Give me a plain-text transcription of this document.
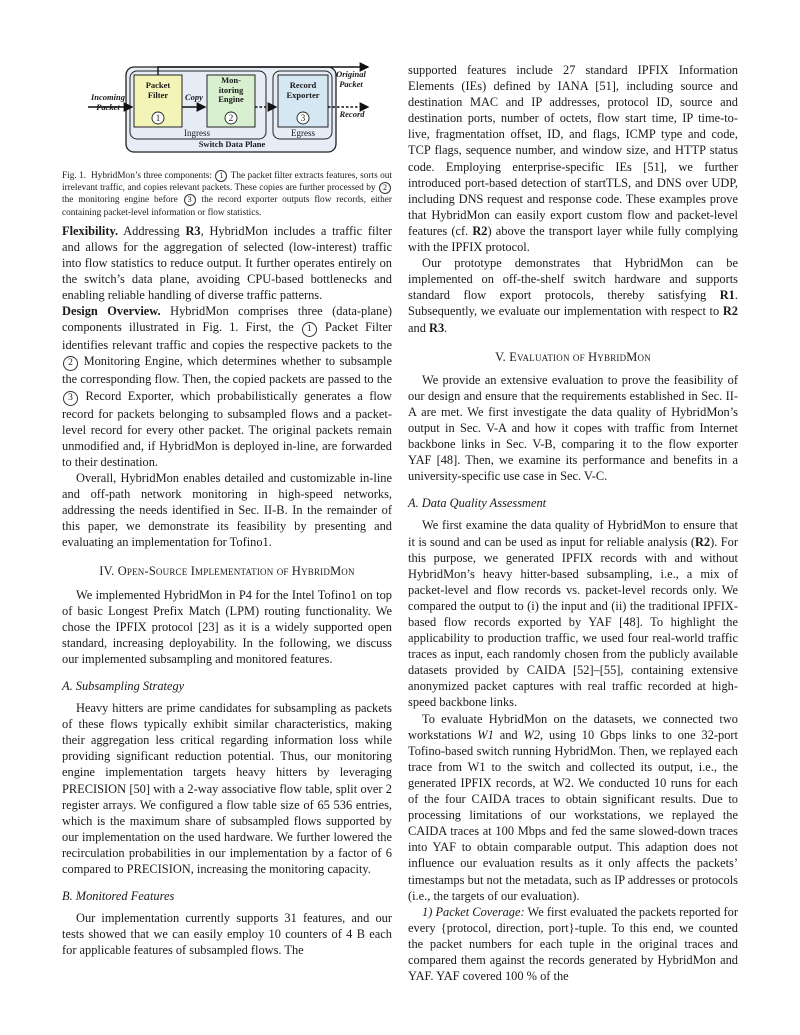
Incoming Packet
Original Packet
Record
Copy
Packet Filter
Mon- itoring Engine
Record Exporter
1	2	3
Ingress	Egress
Switch Data Plane

Fig. 1. HybridMon’s three components: 1 The packet filter extracts features, sorts out irrelevant traffic, and copies relevant packets. These copies are further processed by 2 the monitoring engine before 3 the record exporter outputs flow records, either containing packet-level information or flow statistics.

Flexibility. Addressing R3, HybridMon includes a traffic filter and allows for the aggregation of selected (low-interest) traffic into flow statistics to reduce output. It further operates entirely on the switch’s data plane, avoiding CPU-based bottlenecks and enabling reliable handling of diverse traffic patterns.

Design Overview. HybridMon comprises three (data-plane) components illustrated in Fig. 1. First, the 1 Packet Filter identifies relevant traffic and copies the respective packets to the 2 Monitoring Engine, which determines whether to subsample the corresponding flow. Then, the copied packets are passed to the 3 Record Exporter, which probabilistically generates a flow record for packets belonging to subsampled flows and a packet-level record for every other packet. The original packets remain unmodified and, if HybridMon is deployed in-line, are forwarded to their destination.

Overall, HybridMon enables detailed and customizable in-line and off-path network monitoring in high-speed networks, addressing the needs identified in Sec. II-B. In the remainder of this paper, we demonstrate its feasibility by presenting and evaluating an implementation for Tofino1.

IV. Open-Source Implementation of HybridMon

We implemented HybridMon in P4 for the Intel Tofino1 on top of basic Longest Prefix Match (LPM) routing functionality. We chose the IPFIX protocol [23] as it is a widely supported open standard, increasing deployability. In the following, we discuss our implemented subsampling and monitored features.

A. Subsampling Strategy

Heavy hitters are prime candidates for subsampling as packets of these flows typically exhibit similar characteristics, making their aggregation less critical regarding information loss while providing significant reduction potential. Thus, our monitoring engine implementation targets heavy hitters by leveraging PRECISION [50] with a 2-way associative flow table, split over 2 register arrays. We configured a flow table size of 65 536 entries, which is the maximum share of subsampled flows supported by our implementation on the used hardware. We further lowered the recirculation probabilities in our implementation by a factor of 6 compared to PRECISION, increasing the monitoring capacity.

B. Monitored Features

Our implementation currently supports 31 features, and our tests showed that we can easily employ 10 counters of 4 B each for applicable features of subsampled flows. The

supported features include 27 standard IPFIX Information Elements (IEs) defined by IANA [51], including source and destination MAC and IP addresses, protocol ID, source and destination ports, number of octets, flow start time, IP time-to-live, fragmentation offset, ID, and flags, ICMP type and code, TCP flags, sequence number, and window size, and HTTP status code. Employing enterprise-specific IEs [51], we further introduced port-based detection of startTLS, and DNS over UDP, including DNS request and response code. These examples prove that HybridMon can easily export custom flow and packet-level features (cf. R2) above the transport layer while fully complying with the IPFIX protocol.

Our prototype demonstrates that HybridMon can be implemented on off-the-shelf switch hardware and supports standard flow export protocols, thereby satisfying R1. Subsequently, we evaluate our implementation with respect to R2 and R3.

V. Evaluation of HybridMon

We provide an extensive evaluation to prove the feasibility of our design and ensure that the requirements established in Sec. II-A are met. We first investigate the data quality of HybridMon’s output in Sec. V-A and how it copes with traffic from Internet backbone links in Sec. V-B, comparing it to the flow exporter YAF [48]. Then, we examine its performance and benefits in a university-specific use case in Sec. V-C.

A. Data Quality Assessment

We first examine the data quality of HybridMon to ensure that it is sound and can be used as input for reliable analysis (R2). For this purpose, we generated IPFIX records with and without HybridMon’s heavy hitter-based subsampling, i.e., a mix of packet-level and flow records vs. packet-level records only. We compared the output to (i) the input and (ii) the traditional IPFIX-based flow records exported by YAF [48]. To highlight the applicability to production traffic, we used four real-world traffic traces as input, each randomly chosen from the publicly available datasets provided by CAIDA [52]–[55], containing extensive anonymized packet captures with real traffic recorded at high-speed backbone links.

To evaluate HybridMon on the datasets, we connected two workstations W1 and W2, using 10 Gbps links to one 32-port Tofino-based switch running HybridMon. Then, we replayed each trace from W1 to the switch and collected its output, i.e., the generated IPFIX records, at W2. We conducted 10 runs for each of the four CAIDA traces to obtain significant results. Due to processing limitations of our workstations, we replayed the CAIDA traces at 100 Mbps and fed the same slowed-down traces into YAF to obtain comparable output. This adaption does not influence our evaluation results as it only affects the packets’ timestamps but not the metadata, such as IP addresses or protocols (i.e., the targets of our evaluation).

1) Packet Coverage: We first evaluated the packets reported for every {protocol, direction, port}-tuple. To this end, we counted the packet numbers for each tuple in the original traces and compared them against the records generated by HybridMon and YAF. YAF covered 100 % of the
